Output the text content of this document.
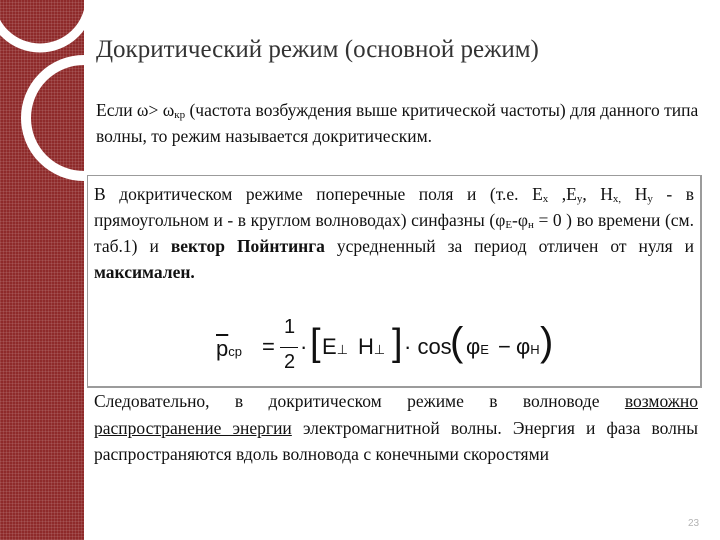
Докритический режим (основной режим)
Если $\omega> \omega_{кр}$ (частота возбуждения выше критической частоты) для данного типа волны, то режим называется докритическим.
В докритическом режиме поперечные поля и (т.е. $E_x$ $,E_y$, $H_{x,}$ $H_y$ - в прямоугольном и - в круглом волноводах) синфазны ($\varphi_E-\varphi_н = 0$ ) во времени (см. таб.1) и вектор Пойнтинга усредненный за период отличен от нуля и максимален.
$\overline{p}ср$ =
1
2
· [ E⊥ H⊥ ] · cos
( φE − φH )
Следовательно, в докритическом режиме в волноводе возможно распространение энергии электромагнитной волны. Энергия и фаза волны распространяются вдоль волновода с конечными скоростями
23
